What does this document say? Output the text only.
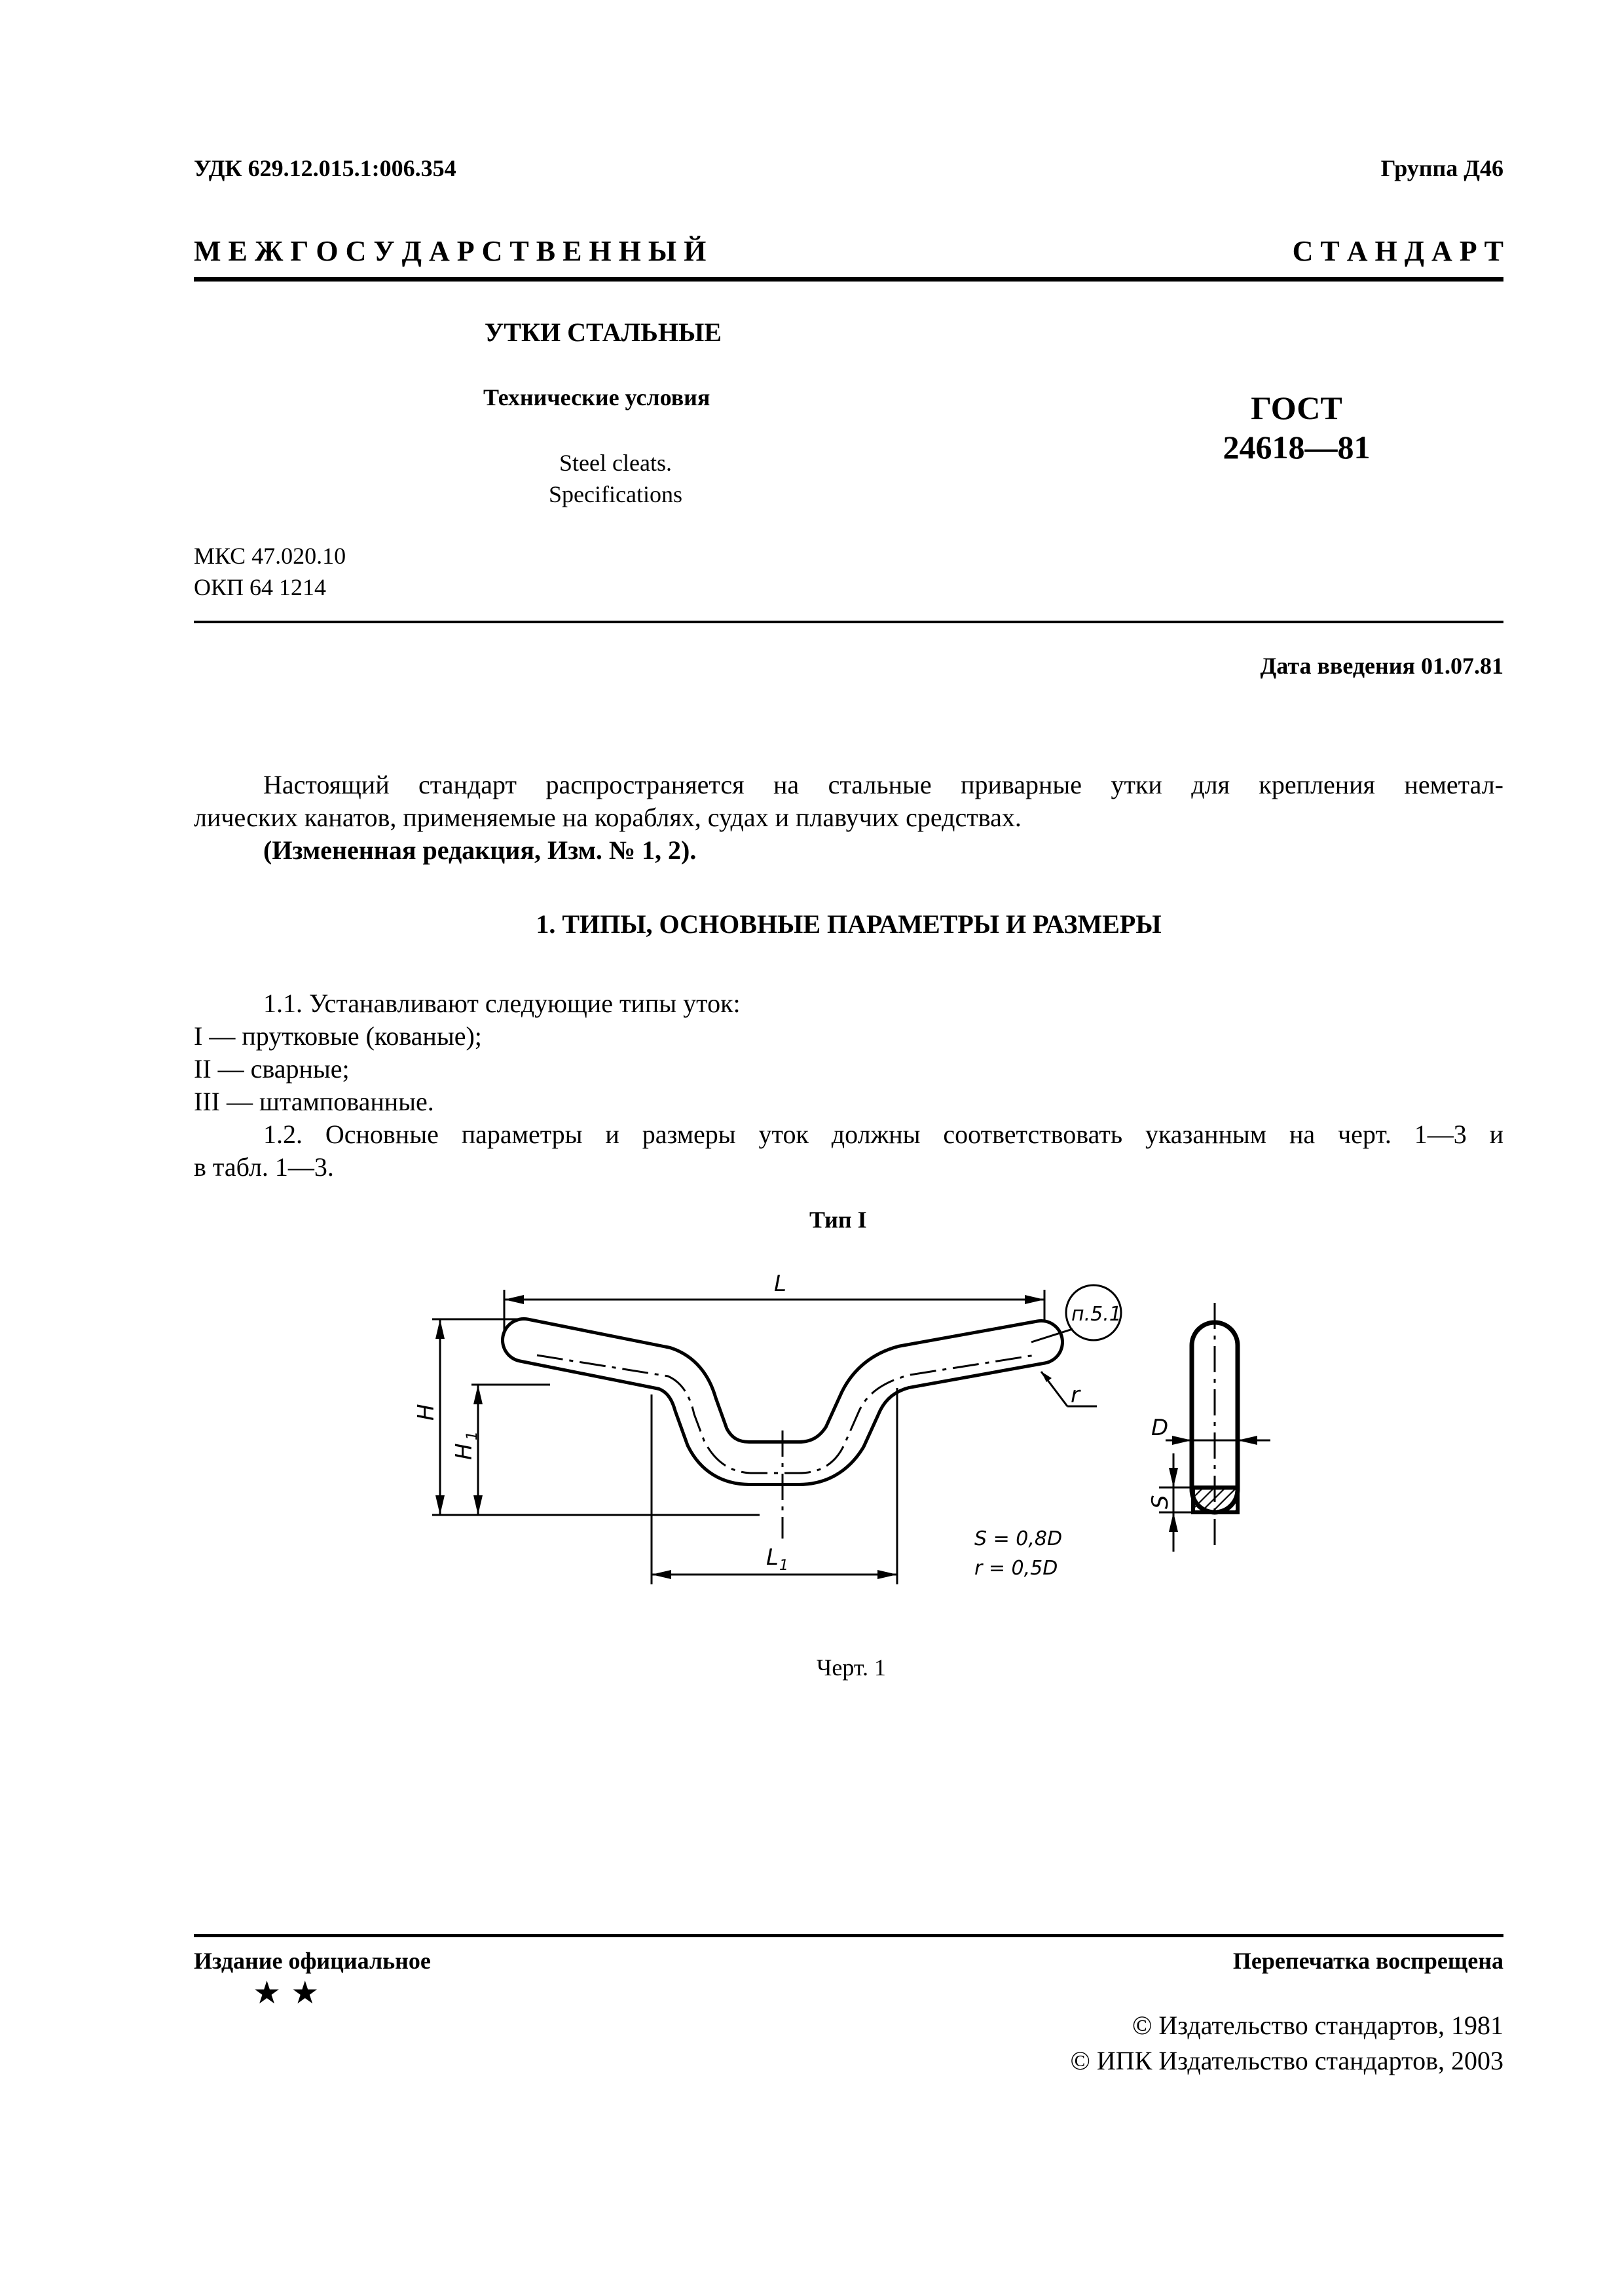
УДК 629.12.015.1:006.354	Группа Д46
М Е Ж Г О С У Д А Р С Т В Е Н Н Ы Й	С Т А Н Д А Р Т
УТКИ СТАЛЬНЫЕ
Технические условия
Steel cleats.
Specifications
ГОСТ
24618—81
МКС 47.020.10
ОКП 64 1214
Дата введения 01.07.81
Настоящий стандарт распространяется на стальные приварные утки для крепления неметал-
лических канатов, применяемые на кораблях, судах и плавучих средствах.
(Измененная редакция, Изм. № 1, 2).
1. ТИПЫ, ОСНОВНЫЕ ПАРАМЕТРЫ И РАЗМЕРЫ
1.1. Устанавливают следующие типы уток:
I — прутковые (кованые);
II — сварные;
III — штампованные.
1.2. Основные параметры и размеры уток должны соответствовать указанным на черт. 1—3 и
в табл. 1—3.
Тип I
L
H
H
1
L 1
п.5.1
r
D
S
S = 0,8D
r = 0,5D
Черт. 1
Издание официальное	Перепечатка воспрещена
★ ★
© Издательство стандартов, 1981
© ИПК Издательство стандартов, 2003
